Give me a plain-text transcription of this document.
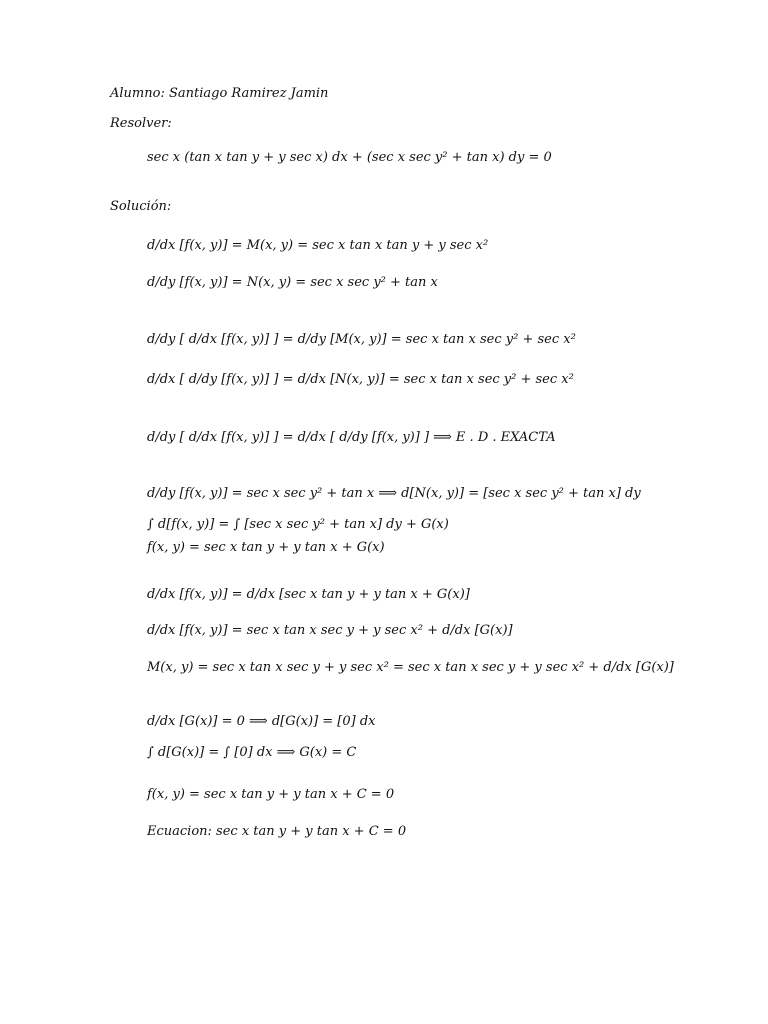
Alumno: Santiago Ramirez Jamin
Resolver:
sec x (tan x tan y + y sec x) dx + (sec x sec y² + tan x) dy = 0
Solución:
d/dx [f(x, y)] = M(x, y) = sec x tan x tan y + y sec x²
d/dy [f(x, y)] = N(x, y) = sec x sec y² + tan x
d/dy [ d/dx [f(x, y)] ] = d/dy [M(x, y)] = sec x tan x sec y² + sec x²
d/dx [ d/dy [f(x, y)] ] = d/dx [N(x, y)] = sec x tan x sec y² + sec x²
d/dy [ d/dx [f(x, y)] ] = d/dx [ d/dy [f(x, y)] ] ⟹ E . D . EXACTA
d/dy [f(x, y)] = sec x sec y² + tan x ⟹ d[N(x, y)] = [sec x sec y² + tan x] dy
∫ d[f(x, y)] = ∫ [sec x sec y² + tan x] dy + G(x)
f(x, y) = sec x tan y + y tan x + G(x)
d/dx [f(x, y)] = d/dx [sec x tan y + y tan x + G(x)]
d/dx [f(x, y)] = sec x tan x sec y + y sec x² + d/dx [G(x)]
M(x, y) = sec x tan x sec y + y sec x² = sec x tan x sec y + y sec x² + d/dx [G(x)]
d/dx [G(x)] = 0 ⟹ d[G(x)] = [0] dx
∫ d[G(x)] = ∫ [0] dx ⟹ G(x) = C
f(x, y) = sec x tan y + y tan x + C = 0
Ecuacion: sec x tan y + y tan x + C = 0
